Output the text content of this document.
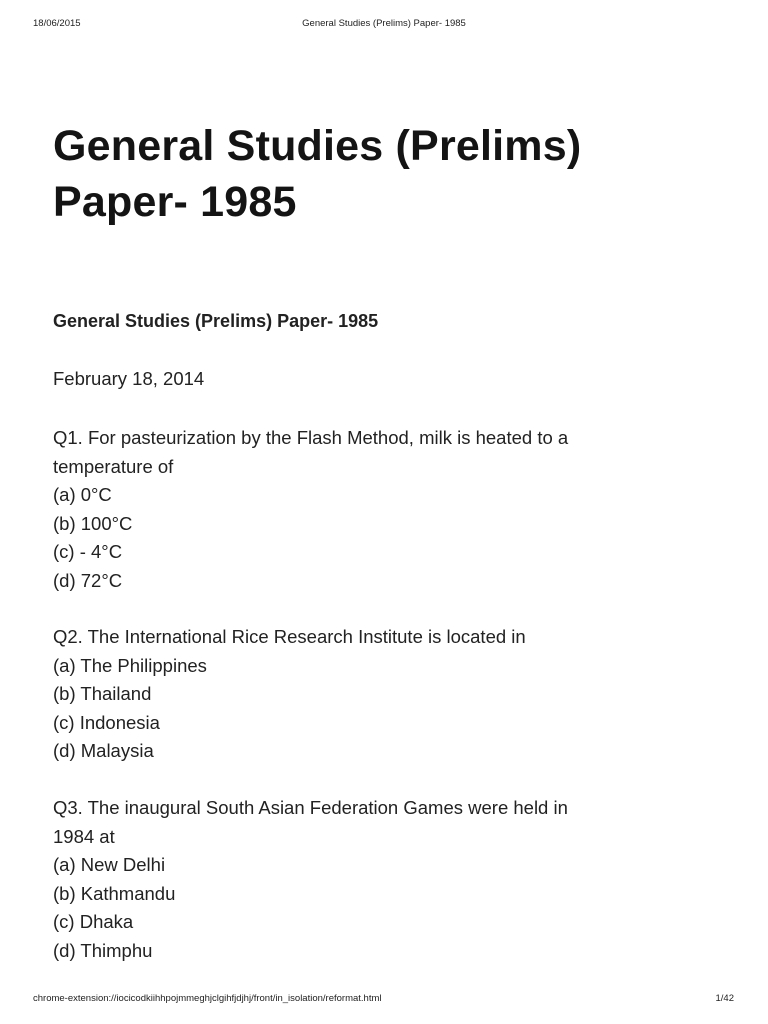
18/06/2015	General Studies (Prelims) Paper- 1985
General Studies (Prelims)
Paper- 1985
General Studies (Prelims) Paper- 1985
February 18, 2014
Q1. For pasteurization by the Flash Method, milk is heated to a
temperature of
(a) 0°C
(b) 100°C
(c) - 4°C
(d) 72°C
Q2. The International Rice Research Institute is located in
(a) The Philippines
(b) Thailand
(c) Indonesia
(d) Malaysia
Q3. The inaugural South Asian Federation Games were held in
1984 at
(a) New Delhi
(b) Kathmandu
(c) Dhaka
(d) Thimphu
chrome-extension://iocicodkiihhpojmmeghjclgihfjdjhj/front/in_isolation/reformat.html	1/42
